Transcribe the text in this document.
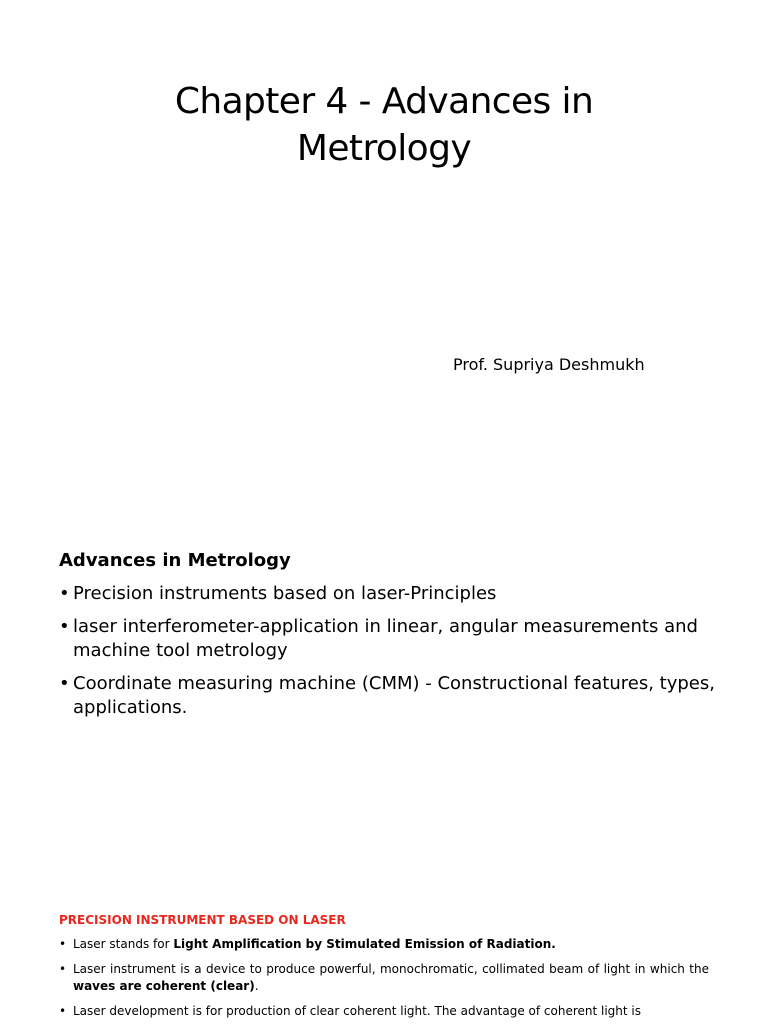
Chapter 4 - Advances in
Metrology
Prof. Supriya Deshmukh
Advances in Metrology
• Precision instruments based on laser-Principles
• laser interferometer-application in linear, angular measurements and machine tool metrology
• Coordinate measuring machine (CMM) - Constructional features, types, applications.
PRECISION INSTRUMENT BASED ON LASER
• Laser stands for Light Amplification by Stimulated Emission of Radiation.
• Laser instrument is a device to produce powerful, monochromatic, collimated beam of light in which the waves are coherent (clear).
• Laser development is for production of clear coherent light. The advantage of coherent light is
